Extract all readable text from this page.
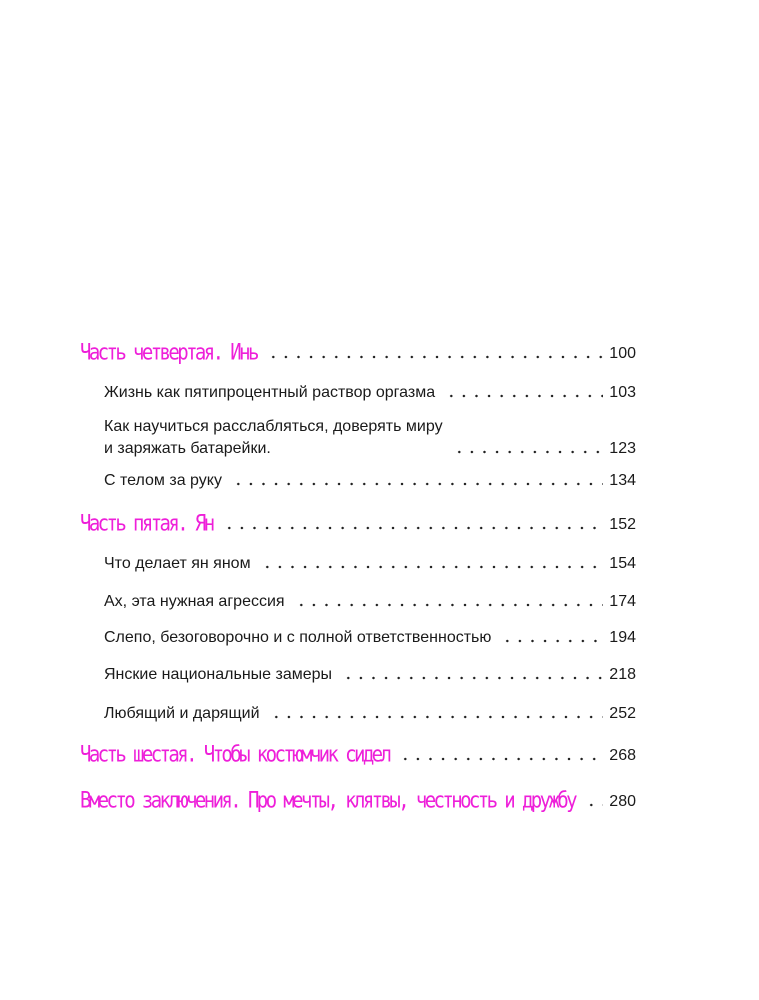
Часть четвертая. Инь	100
Жизнь как пятипроцентный раствор оргазма	103
Как научиться расслабляться, доверять миру
и заряжать батарейки.	123
С телом за руку	134
Часть пятая. Ян	152
Что делает ян яном	154
Ах, эта нужная агрессия	174
Слепо, безоговорочно и с полной ответственностью	194
Янские национальные замеры	218
Любящий и дарящий	252
Часть шестая. Чтобы костюмчик сидел	268
Вместо заключения. Про мечты, клятвы, честность и дружбу 280
